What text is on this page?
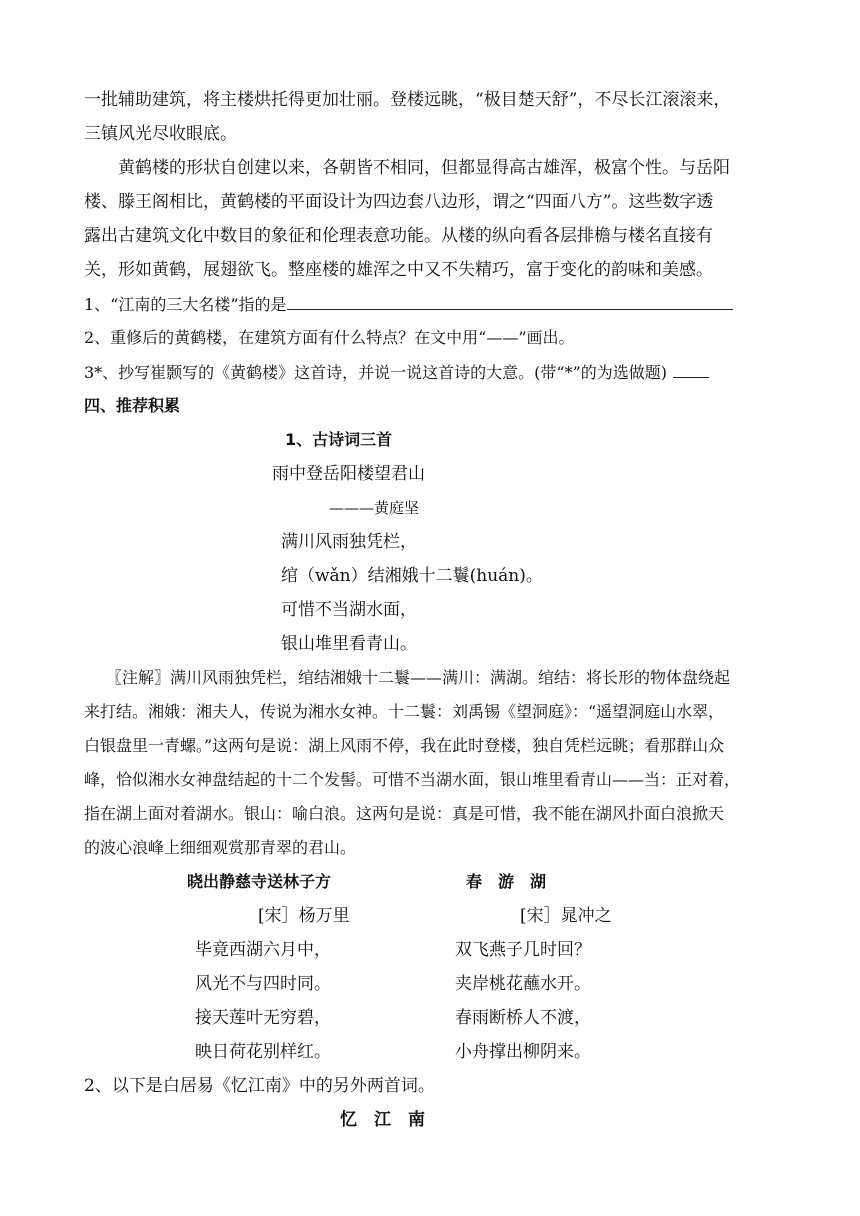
一批辅助建筑，将主楼烘托得更加壮丽。登楼远眺，“极目楚天舒”，不尽长江滚滚来，
三镇风光尽收眼底。
黄鹤楼的形状自创建以来，各朝皆不相同，但都显得高古雄浑，极富个性。与岳阳
楼、滕王阁相比，黄鹤楼的平面设计为四边套八边形，谓之“四面八方”。这些数字透
露出古建筑文化中数目的象征和伦理表意功能。从楼的纵向看各层排檐与楼名直接有
关，形如黄鹤，展翅欲飞。整座楼的雄浑之中又不失精巧，富于变化的韵味和美感。
1、“江南的三大名楼”指的是
2、重修后的黄鹤楼，在建筑方面有什么特点？在文中用“——”画出。
3*、抄写崔颢写的《黄鹤楼》这首诗，并说一说这首诗的大意。(带“*”的为选做题)
四、推荐积累
1、古诗词三首
雨中登岳阳楼望君山
———黄庭坚
满川风雨独凭栏，
绾（wǎn）结湘娥十二鬟(huán)。
可惜不当湖水面，
银山堆里看青山。
〖注解〗满川风雨独凭栏，绾结湘娥十二鬟——满川：满湖。绾结：将长形的物体盘绕起
来打结。湘娥：湘夫人，传说为湘水女神。十二鬟：刘禹锡《望洞庭》：“遥望洞庭山水翠，
白银盘里一青螺。”这两句是说：湖上风雨不停，我在此时登楼，独自凭栏远眺；看那群山众
峰，恰似湘水女神盘结起的十二个发髻。可惜不当湖水面，银山堆里看青山——当：正对着，
指在湖上面对着湖水。银山：喻白浪。这两句是说：真是可惜，我不能在湖风扑面白浪掀天
的波心浪峰上细细观赏那青翠的君山。
晓出静慈寺送林子方
[宋］杨万里
毕竟西湖六月中，
风光不与四时同。
接天莲叶无穷碧，
映日荷花别样红。
春　游　湖
[宋］晁冲之
双飞燕子几时回？
夹岸桃花蘸水开。
春雨断桥人不渡，
小舟撑出柳阴来。
2、以下是白居易《忆江南》中的另外两首词。
忆　江　南
